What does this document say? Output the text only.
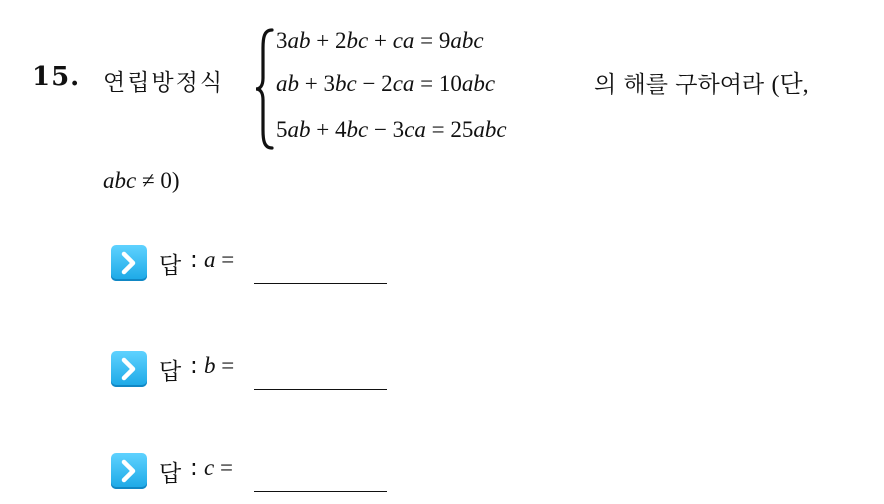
15. 연립방정식
3ab + 2bc + ca = 9abc
ab + 3bc − 2ca = 10abc
5ab + 4bc − 3ca = 25abc
의 해를 구하여라 (단,
abc ≠ 0)
답 : a =
답 : b =
답 : c =
